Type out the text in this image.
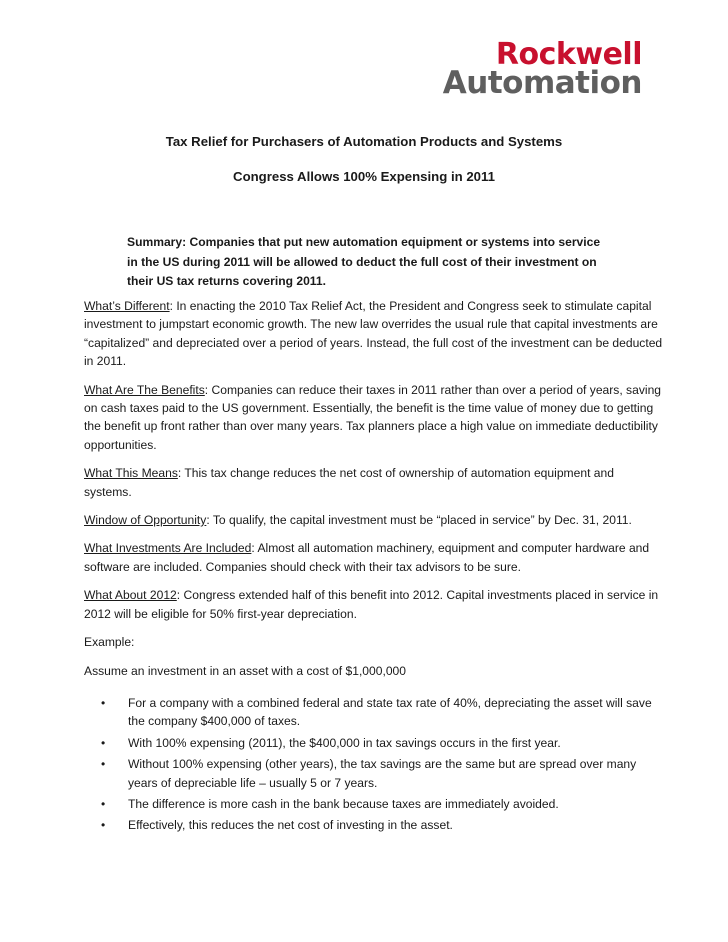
Rockwell
Automation
Tax Relief for Purchasers of Automation Products and Systems
Congress Allows 100% Expensing in 2011
Summary: Companies that put new automation equipment or systems into service in the US during 2011 will be allowed to deduct the full cost of their investment on their US tax returns covering 2011.

What’s Different: In enacting the 2010 Tax Relief Act, the President and Congress seek to stimulate capital investment to jumpstart economic growth. The new law overrides the usual rule that capital investments are “capitalized” and depreciated over a period of years. Instead, the full cost of the investment can be deducted in 2011.

What Are The Benefits: Companies can reduce their taxes in 2011 rather than over a period of years, saving on cash taxes paid to the US government. Essentially, the benefit is the time value of money due to getting the benefit up front rather than over many years. Tax planners place a high value on immediate deductibility opportunities.

What This Means: This tax change reduces the net cost of ownership of automation equipment and systems.

Window of Opportunity: To qualify, the capital investment must be “placed in service” by Dec. 31, 2011.

What Investments Are Included: Almost all automation machinery, equipment and computer hardware and software are included. Companies should check with their tax advisors to be sure.

What About 2012: Congress extended half of this benefit into 2012. Capital investments placed in service in 2012 will be eligible for 50% first-year depreciation.

Example:

Assume an investment in an asset with a cost of $1,000,000

• For a company with a combined federal and state tax rate of 40%, depreciating the asset will save the company $400,000 of taxes.
• With 100% expensing (2011), the $400,000 in tax savings occurs in the first year.
• Without 100% expensing (other years), the tax savings are the same but are spread over many years of depreciable life – usually 5 or 7 years.
• The difference is more cash in the bank because taxes are immediately avoided.
• Effectively, this reduces the net cost of investing in the asset.
